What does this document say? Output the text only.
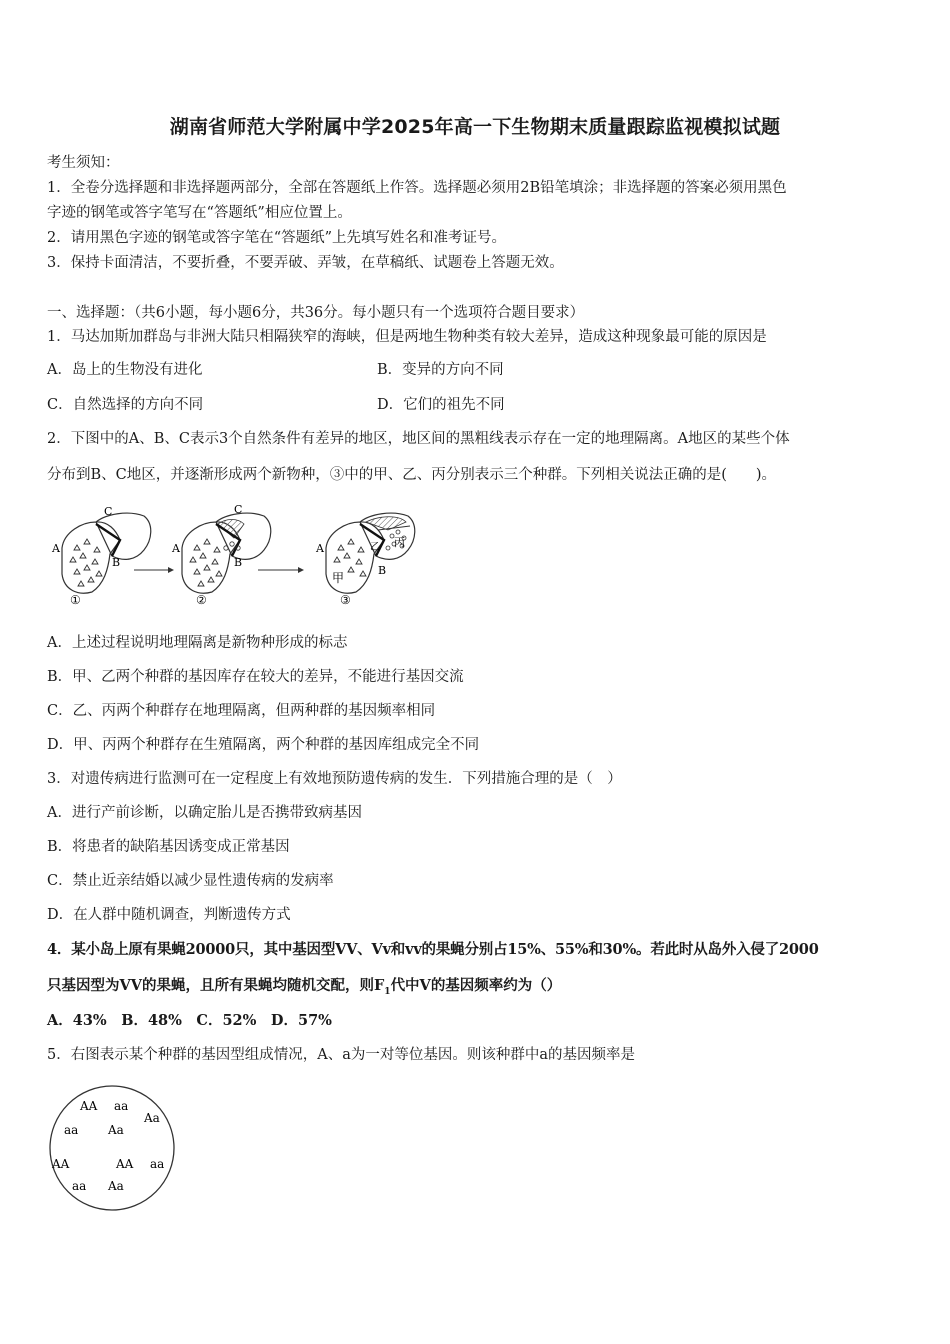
湖南省师范大学附属中学2025年高一下生物期末质量跟踪监视模拟试题
考生须知：
1．全卷分选择题和非选择题两部分，全部在答题纸上作答。选择题必须用2B铅笔填涂；非选择题的答案必须用黑色
字迹的钢笔或答字笔写在“答题纸”相应位置上。
2．请用黑色字迹的钢笔或答字笔在“答题纸”上先填写姓名和准考证号。
3．保持卡面清洁，不要折叠，不要弄破、弄皱，在草稿纸、试题卷上答题无效。
一、选择题：（共6小题，每小题6分，共36分。每小题只有一个选项符合题目要求）
1．马达加斯加群岛与非洲大陆只相隔狭窄的海峡，但是两地生物种类有较大差异，造成这种现象最可能的原因是
A．岛上的生物没有进化	B．变异的方向不同
C．自然选择的方向不同	D．它们的祖先不同
2．下图中的A、B、C表示3个自然条件有差异的地区，地区间的黑粗线表示存在一定的地理隔离。A地区的某些个体
分布到B、C地区，并逐渐形成两个新物种，③中的甲、乙、丙分别表示三个种群。下列相关说法正确的是(　　)。
A
B
C
①
A
B
C
②
A
B
甲
乙 丙
③
A．上述过程说明地理隔离是新物种形成的标志
B．甲、乙两个种群的基因库存在较大的差异，不能进行基因交流
C．乙、丙两个种群存在地理隔离，但两种群的基因频率相同
D．甲、丙两个种群存在生殖隔离，两个种群的基因库组成完全不同
3．对遗传病进行监测可在一定程度上有效地预防遗传病的发生．下列措施合理的是（　）
A．进行产前诊断，以确定胎儿是否携带致病基因
B．将患者的缺陷基因诱变成正常基因
C．禁止近亲结婚以减少显性遗传病的发病率
D．在人群中随机调查，判断遗传方式
4．某小岛上原有果蝇20000只，其中基因型VV、Vv和vv的果蝇分别占15%、55%和30%。若此时从岛外入侵了2000
只基因型为VV的果蝇，且所有果蝇均随机交配，则$F_1$代中V的基因频率约为（）
A．43%　B．48%　C．52%　D．57%
5．右图表示某个种群的基因型组成情况，A、a为一对等位基因。则该种群中a的基因频率是
AA aa
Aa
aa Aa
AA	AA aa
aa Aa
